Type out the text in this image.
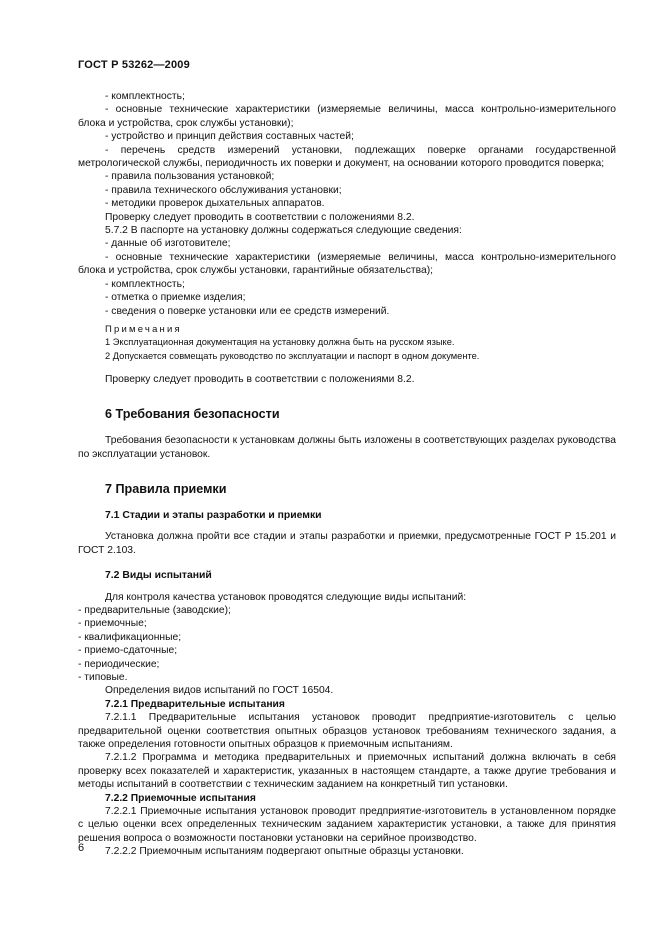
ГОСТ Р 53262—2009

- комплектность;

- основные технические характеристики (измеряемые величины, масса контрольно-измерительного блока и устройства, срок службы установки);

- устройство и принцип действия составных частей;

- перечень средств измерений установки, подлежащих поверке органами государственной метрологической службы, периодичность их поверки и документ, на основании которого проводится поверка;

- правила пользования установкой;

- правила технического обслуживания установки;

- методики проверок дыхательных аппаратов.

Проверку следует проводить в соответствии с положениями 8.2.

5.7.2 В паспорте на установку должны содержаться следующие сведения:

- данные об изготовителе;

- основные технические характеристики (измеряемые величины, масса контрольно-измерительного блока и устройства, срок службы установки, гарантийные обязательства);

- комплектность;

- отметка о приемке изделия;

- сведения о поверке установки или ее средств измерений.

Примечания

1 Эксплуатационная документация на установку должна быть на русском языке.

2 Допускается совмещать руководство по эксплуатации и паспорт в одном документе.

Проверку следует проводить в соответствии с положениями 8.2.

6 Требования безопасности

Требования безопасности к установкам должны быть изложены в соответствующих разделах руководства по эксплуатации установок.

7 Правила приемки
7.1 Стадии и этапы разработки и приемки

Установка должна пройти все стадии и этапы разработки и приемки, предусмотренные ГОСТ Р 15.201 и ГОСТ 2.103.

7.2 Виды испытаний

Для контроля качества установок проводятся следующие виды испытаний:

- предварительные (заводские);

- приемочные;

- квалификационные;

- приемо-сдаточные;

- периодические;

- типовые.

Определения видов испытаний по ГОСТ 16504.

7.2.1 Предварительные испытания

7.2.1.1 Предварительные испытания установок проводит предприятие-изготовитель с целью предварительной оценки соответствия опытных образцов установок требованиям технического задания, а также определения готовности опытных образцов к приемочным испытаниям.

7.2.1.2 Программа и методика предварительных и приемочных испытаний должна включать в себя проверку всех показателей и характеристик, указанных в настоящем стандарте, а также другие требования и методы испытаний в соответствии с техническим заданием на конкретный тип установки.

7.2.2 Приемочные испытания

7.2.2.1 Приемочные испытания установок проводит предприятие-изготовитель в установленном порядке с целью оценки всех определенных техническим заданием характеристик установки, а также для принятия решения вопроса о возможности постановки установки на серийное производство.

7.2.2.2 Приемочным испытаниям подвергают опытные образцы установки.

6
